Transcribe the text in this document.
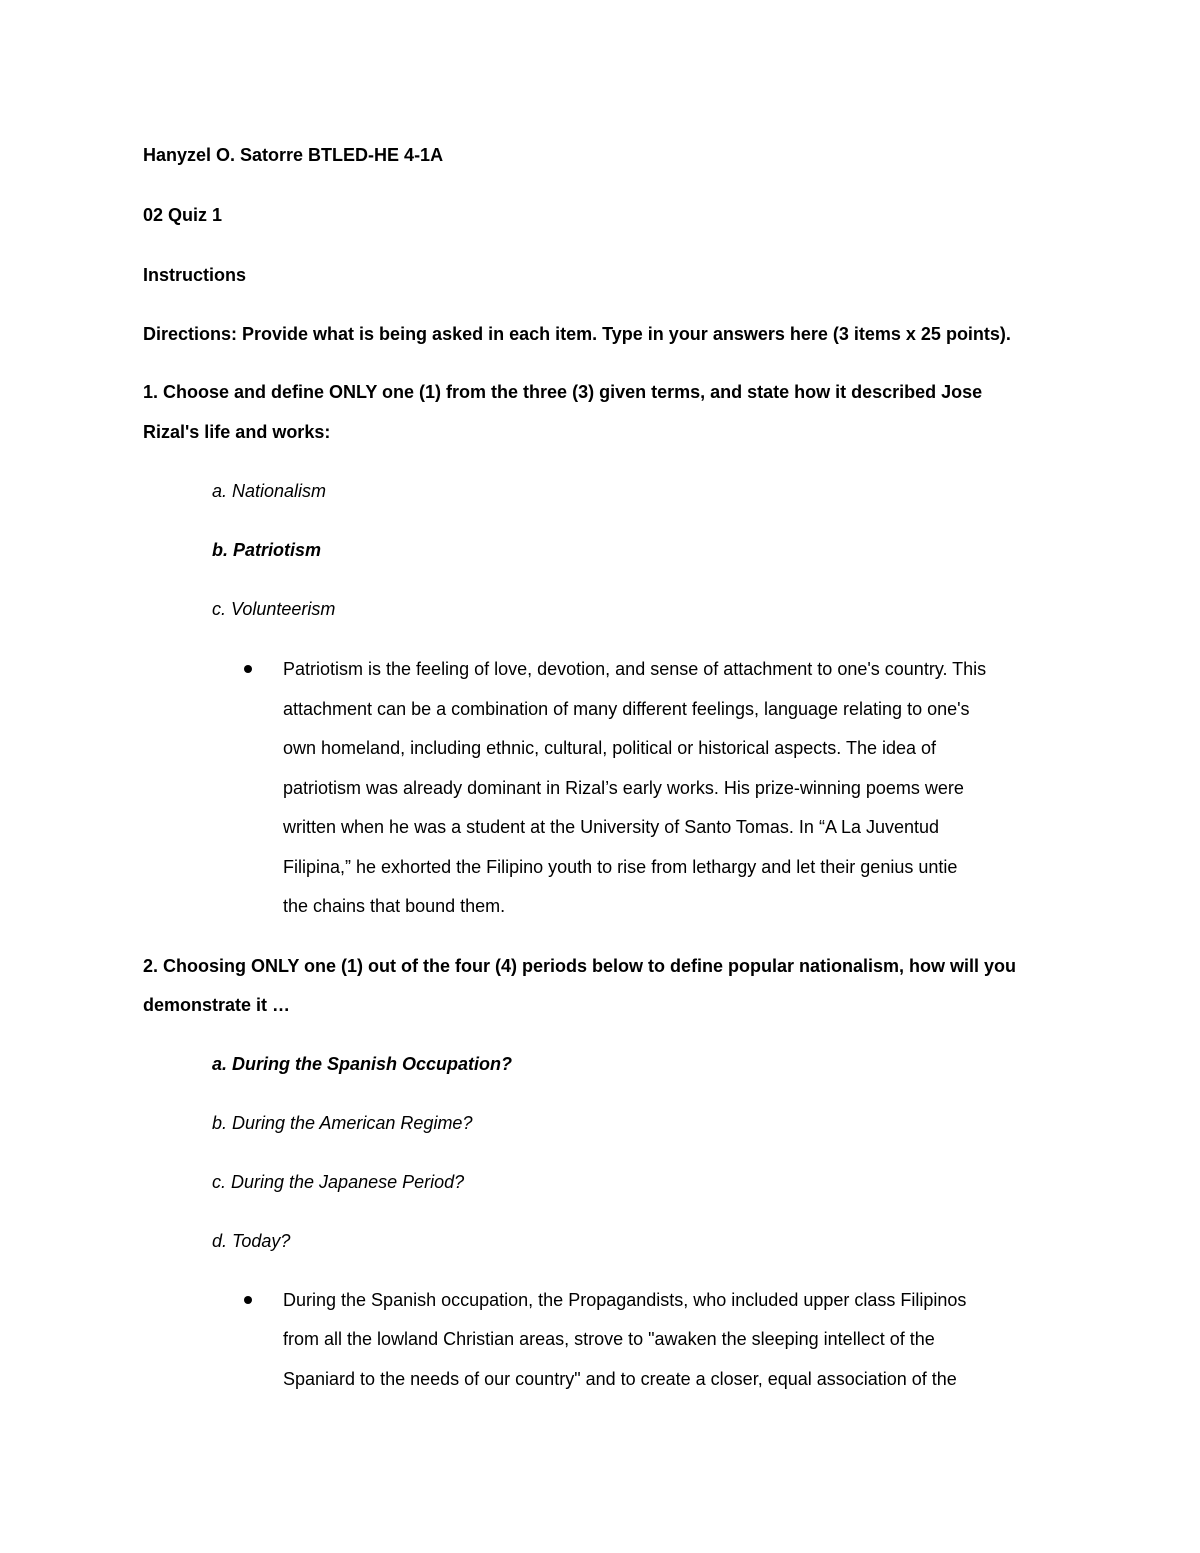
Hanyzel O. Satorre BTLED-HE 4-1A
02 Quiz 1
Instructions
Directions: Provide what is being asked in each item. Type in your answers here (3 items x 25 points).
1. Choose and define ONLY one (1) from the three (3) given terms, and state how it described Jose
Rizal's life and works:
a. Nationalism
b. Patriotism
c. Volunteerism
Patriotism is the feeling of love, devotion, and sense of attachment to one's country. This
attachment can be a combination of many different feelings, language relating to one's
own homeland, including ethnic, cultural, political or historical aspects. The idea of
patriotism was already dominant in Rizal’s early works. His prize-winning poems were
written when he was a student at the University of Santo Tomas. In “A La Juventud
Filipina,” he exhorted the Filipino youth to rise from lethargy and let their genius untie
the chains that bound them.
2. Choosing ONLY one (1) out of the four (4) periods below to define popular nationalism, how will you
demonstrate it …
a. During the Spanish Occupation?
b. During the American Regime?
c. During the Japanese Period?
d. Today?
During the Spanish occupation, the Propagandists, who included upper class Filipinos
from all the lowland Christian areas, strove to "awaken the sleeping intellect of the
Spaniard to the needs of our country" and to create a closer, equal association of the
